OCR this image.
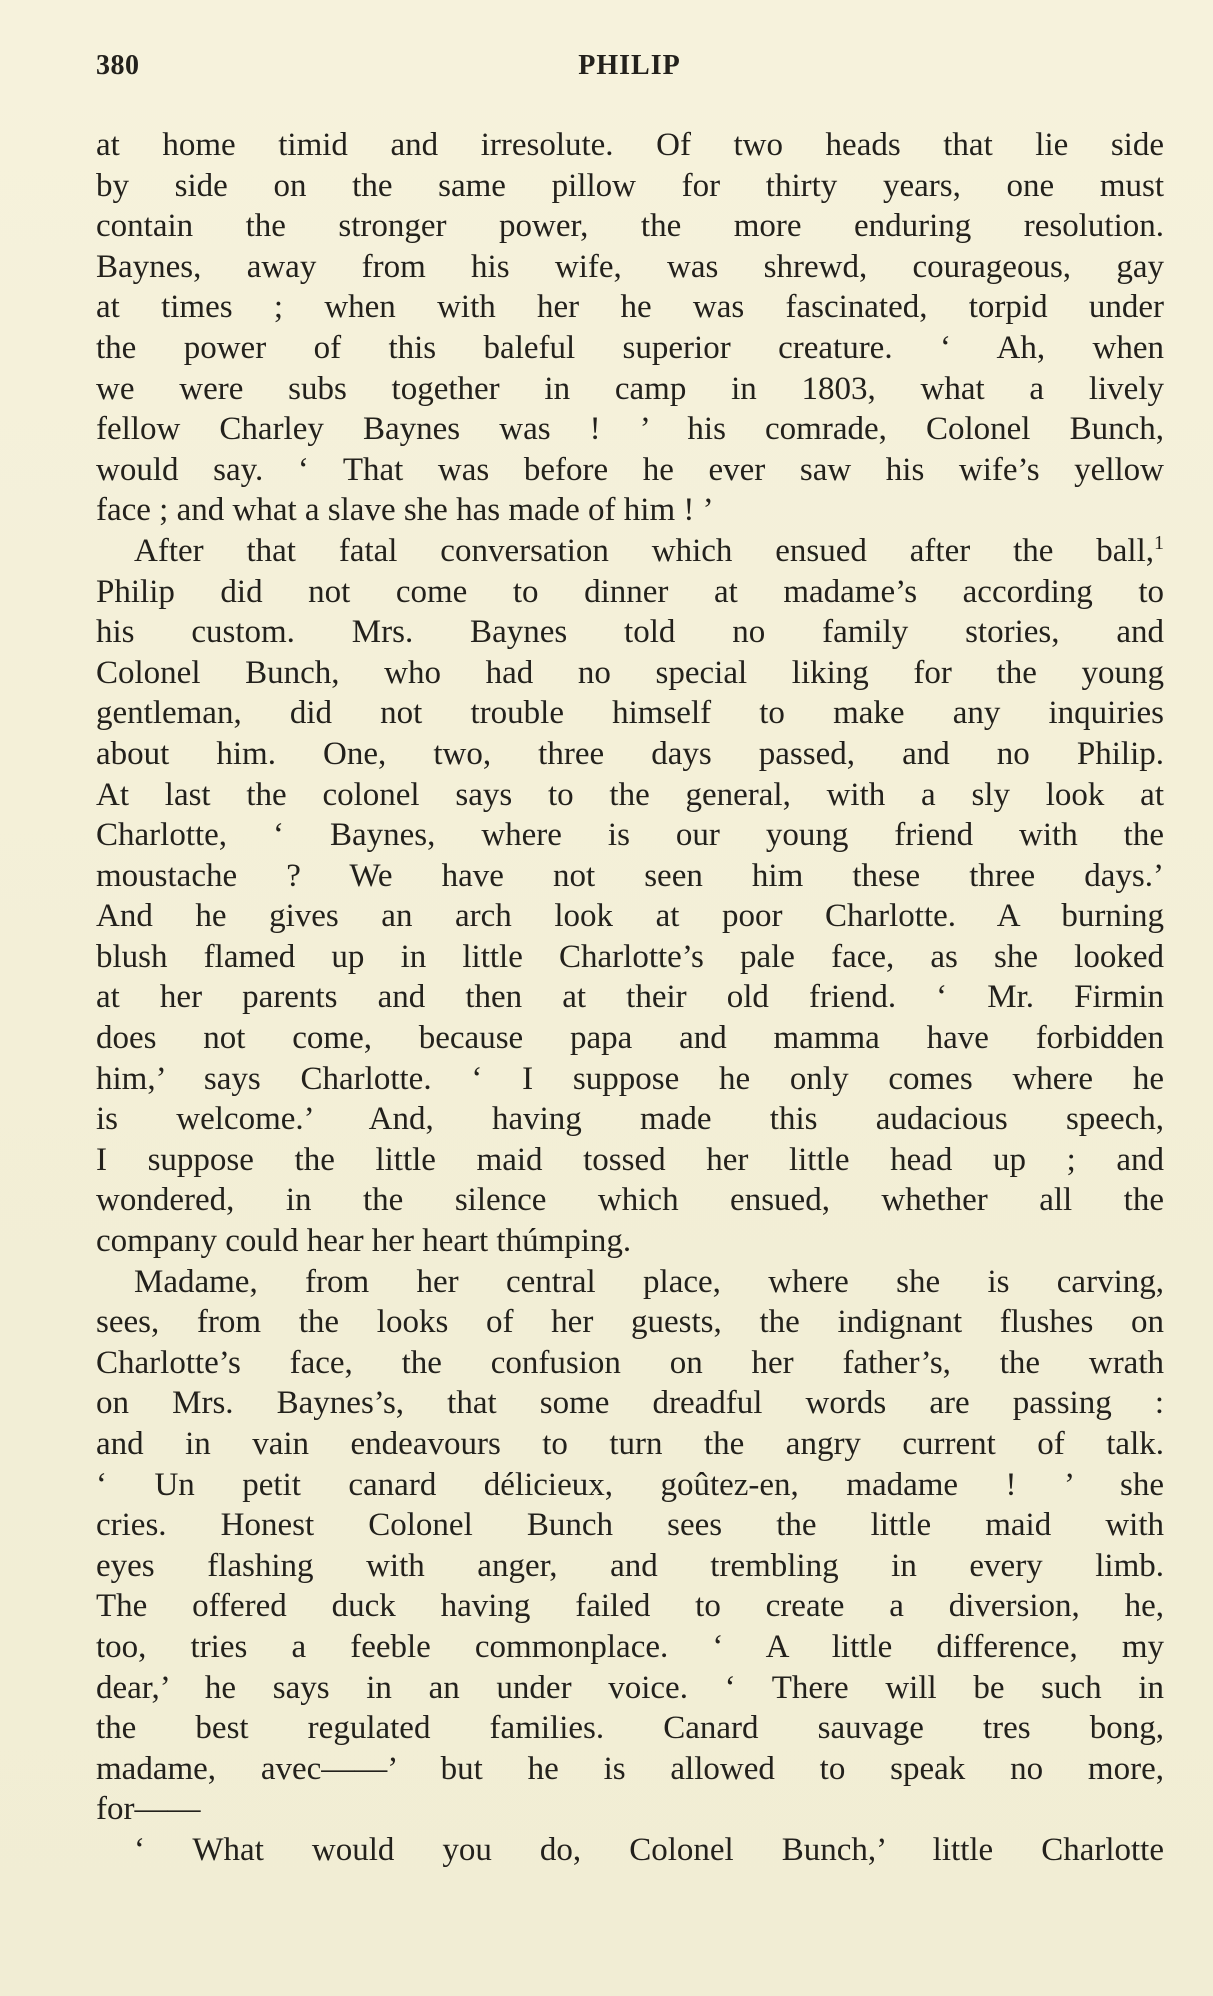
380	PHILIP
at home timid and irresolute. Of two heads that lie side
by side on the same pillow for thirty years, one must
contain the stronger power, the more enduring resolution.
Baynes, away from his wife, was shrewd, courageous, gay
at times ; when with her he was fascinated, torpid under
the power of this baleful superior creature. ‘ Ah, when
we were subs together in camp in 1803, what a lively
fellow Charley Baynes was ! ’ his comrade, Colonel Bunch,
would say. ‘ That was before he ever saw his wife’s yellow
face ; and what a slave she has made of him ! ’
After that fatal conversation which ensued after the ball,$^1$
Philip did not come to dinner at madame’s according to
his custom. Mrs. Baynes told no family stories, and
Colonel Bunch, who had no special liking for the young
gentleman, did not trouble himself to make any inquiries
about him. One, two, three days passed, and no Philip.
At last the colonel says to the general, with a sly look at
Charlotte, ‘ Baynes, where is our young friend with the
moustache ? We have not seen him these three days.’
And he gives an arch look at poor Charlotte. A burning
blush flamed up in little Charlotte’s pale face, as she looked
at her parents and then at their old friend. ‘ Mr. Firmin
does not come, because papa and mamma have forbidden
him,’ says Charlotte. ‘ I suppose he only comes where he
is welcome.’ And, having made this audacious speech,
I suppose the little maid tossed her little head up ; and
wondered, in the silence which ensued, whether all the
company could hear her heart thúmping.
Madame, from her central place, where she is carving,
sees, from the looks of her guests, the indignant flushes on
Charlotte’s face, the confusion on her father’s, the wrath
on Mrs. Baynes’s, that some dreadful words are passing :
and in vain endeavours to turn the angry current of talk.
‘ Un petit canard délicieux, goûtez-en, madame ! ’ she
cries. Honest Colonel Bunch sees the little maid with
eyes flashing with anger, and trembling in every limb.
The offered duck having failed to create a diversion, he,
too, tries a feeble commonplace. ‘ A little difference, my
dear,’ he says in an under voice. ‘ There will be such in
the best regulated families. Canard sauvage tres bong,
madame, avec——’ but he is allowed to speak no more,
for——
‘ What would you do, Colonel Bunch,’ little Charlotte
